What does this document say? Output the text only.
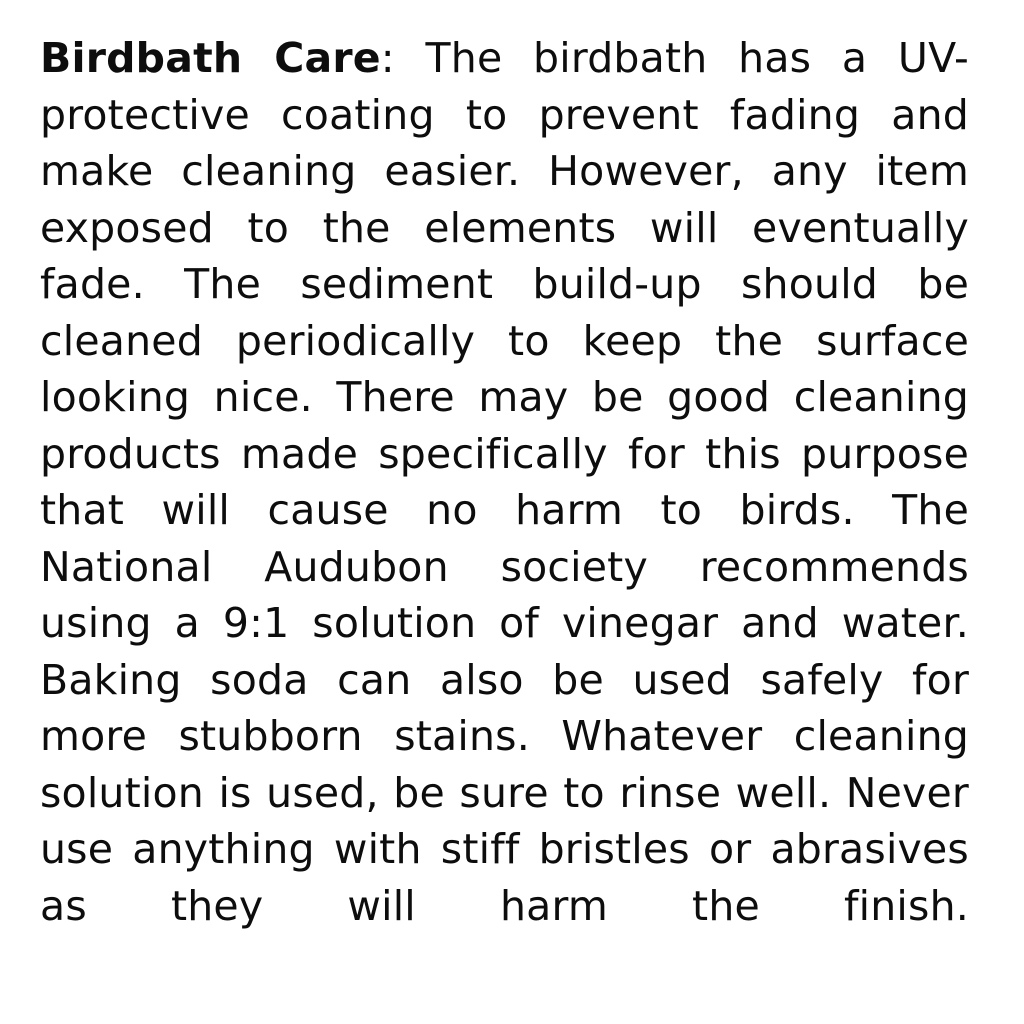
Birdbath Care: The birdbath has a UV-protective coating to prevent fading and make cleaning easier. However, any item exposed to the elements will eventually fade. The sediment build-up should be cleaned periodically to keep the surface looking nice. There may be good cleaning products made specifically for this purpose that will cause no harm to birds. The National Audubon society recommends using a 9:1 solution of vinegar and water. Baking soda can also be used safely for more stubborn stains. Whatever cleaning solution is used, be sure to rinse well. Never use anything with stiff bristles or abrasives as they will harm the finish.
